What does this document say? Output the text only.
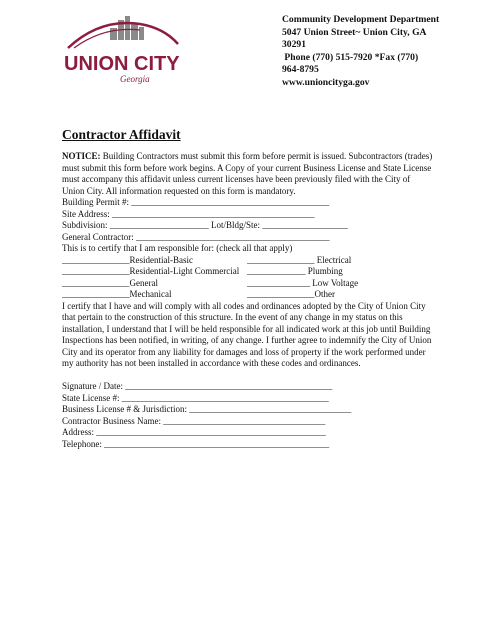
UNION CITY
Georgia
Community Development Department
5047 Union Street~ Union City, GA
30291
Phone (770) 515-7920 *Fax (770)
964-8795
www.unioncityga.gov
Contractor Affidavit

NOTICE: Building Contractors must submit this form before permit is issued. Subcontractors (trades) must submit this form before work begins. A Copy of your current Business License and State License must accompany this affidavit unless current licenses have been previously filed with the City of Union City. All information requested on this form is mandatory.

Building Permit #: ____________________________________________
Site Address: _____________________________________________
Subdivision: ______________________ Lot/Bldg/Ste: ___________________
General Contractor: ___________________________________________
This is to certify that I am responsible for: (check all that apply)
_______________Residential-Basic	_______________ Electrical
_______________Residential-Light Commercial _____________ Plumbing
_______________General	______________ Low Voltage
_______________Mechanical	_______________Other

I certify that I have and will comply with all codes and ordinances adopted by the City of Union City that pertain to the construction of this structure. In the event of any change in my status on this installation, I understand that I will be held responsible for all indicated work at this job until Building Inspections has been notified, in writing, of any change. I further agree to indemnify the City of Union City and its operator from any liability for damages and loss of property if the work performed under my authority has not been installed in accordance with these codes and ordinances.

Signature / Date: ______________________________________________
State License #: ______________________________________________
Business License # & Jurisdiction: ____________________________________
Contractor Business Name: ____________________________________
Address: ___________________________________________________
Telephone: __________________________________________________
